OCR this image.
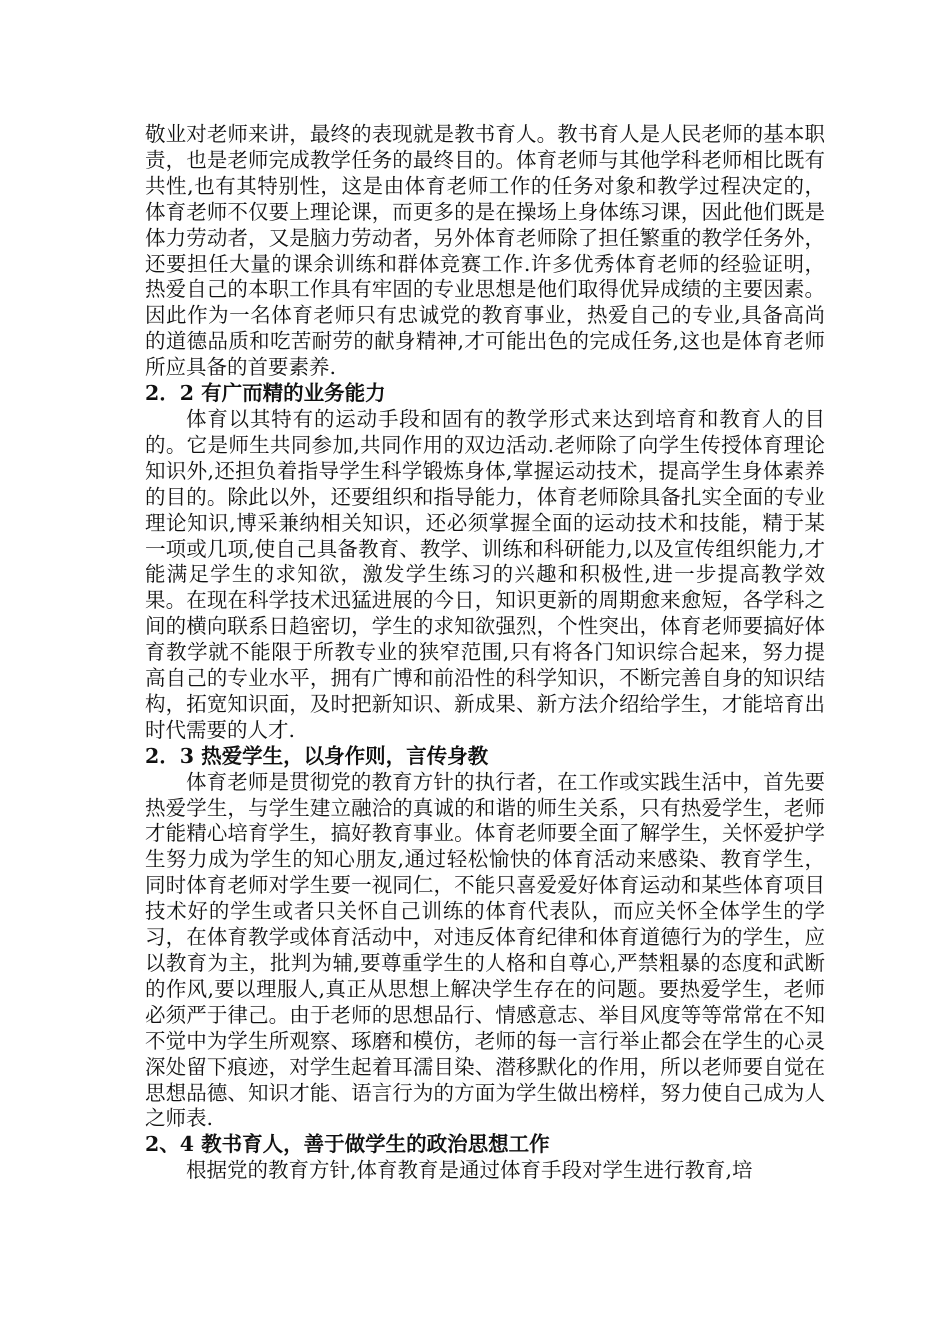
敬业对老师来讲，最终的表现就是教书育人。教书育人是人民老师的基本职责，也是老师完成教学任务的最终目的。体育老师与其他学科老师相比既有共性,也有其特别性，这是由体育老师工作的任务对象和教学过程决定的，体育老师不仅要上理论课，而更多的是在操场上身体练习课，因此他们既是体力劳动者，又是脑力劳动者，另外体育老师除了担任繁重的教学任务外，还要担任大量的课余训练和群体竞赛工作.许多优秀体育老师的经验证明，热爱自己的本职工作具有牢固的专业思想是他们取得优异成绩的主要因素。因此作为一名体育老师只有忠诚党的教育事业，热爱自己的专业,具备高尚的道德品质和吃苦耐劳的献身精神,才可能出色的完成任务,这也是体育老师所应具备的首要素养.

2．2 有广而精的业务能力

体育以其特有的运动手段和固有的教学形式来达到培育和教育人的目的。它是师生共同参加,共同作用的双边活动.老师除了向学生传授体育理论知识外,还担负着指导学生科学锻炼身体,掌握运动技术，提高学生身体素养的目的。除此以外，还要组织和指导能力，体育老师除具备扎实全面的专业理论知识,博采兼纳相关知识，还必须掌握全面的运动技术和技能，精于某一项或几项,使自己具备教育、教学、训练和科研能力,以及宣传组织能力,才能满足学生的求知欲，激发学生练习的兴趣和积极性,进一步提高教学效果。在现在科学技术迅猛进展的今日，知识更新的周期愈来愈短，各学科之间的横向联系日趋密切，学生的求知欲强烈，个性突出，体育老师要搞好体育教学就不能限于所教专业的狭窄范围,只有将各门知识综合起来，努力提高自己的专业水平，拥有广博和前沿性的科学知识，不断完善自身的知识结构，拓宽知识面，及时把新知识、新成果、新方法介绍给学生，才能培育出时代需要的人才.

2．3 热爱学生，以身作则，言传身教

体育老师是贯彻党的教育方针的执行者，在工作或实践生活中，首先要热爱学生，与学生建立融洽的真诚的和谐的师生关系，只有热爱学生，老师才能精心培育学生，搞好教育事业。体育老师要全面了解学生，关怀爱护学生努力成为学生的知心朋友,通过轻松愉快的体育活动来感染、教育学生，同时体育老师对学生要一视同仁，不能只喜爱爱好体育运动和某些体育项目技术好的学生或者只关怀自己训练的体育代表队，而应关怀全体学生的学习，在体育教学或体育活动中，对违反体育纪律和体育道德行为的学生，应以教育为主，批判为辅,要尊重学生的人格和自尊心,严禁粗暴的态度和武断的作风,要以理服人,真正从思想上解决学生存在的问题。要热爱学生，老师必须严于律己。由于老师的思想品行、情感意志、举目风度等等常常在不知不觉中为学生所观察、琢磨和模仿，老师的每一言行举止都会在学生的心灵深处留下痕迹，对学生起着耳濡目染、潜移默化的作用，所以老师要自觉在思想品德、知识才能、语言行为的方面为学生做出榜样，努力使自己成为人之师表.

2、4 教书育人，善于做学生的政治思想工作

根据党的教育方针,体育教育是通过体育手段对学生进行教育,培
